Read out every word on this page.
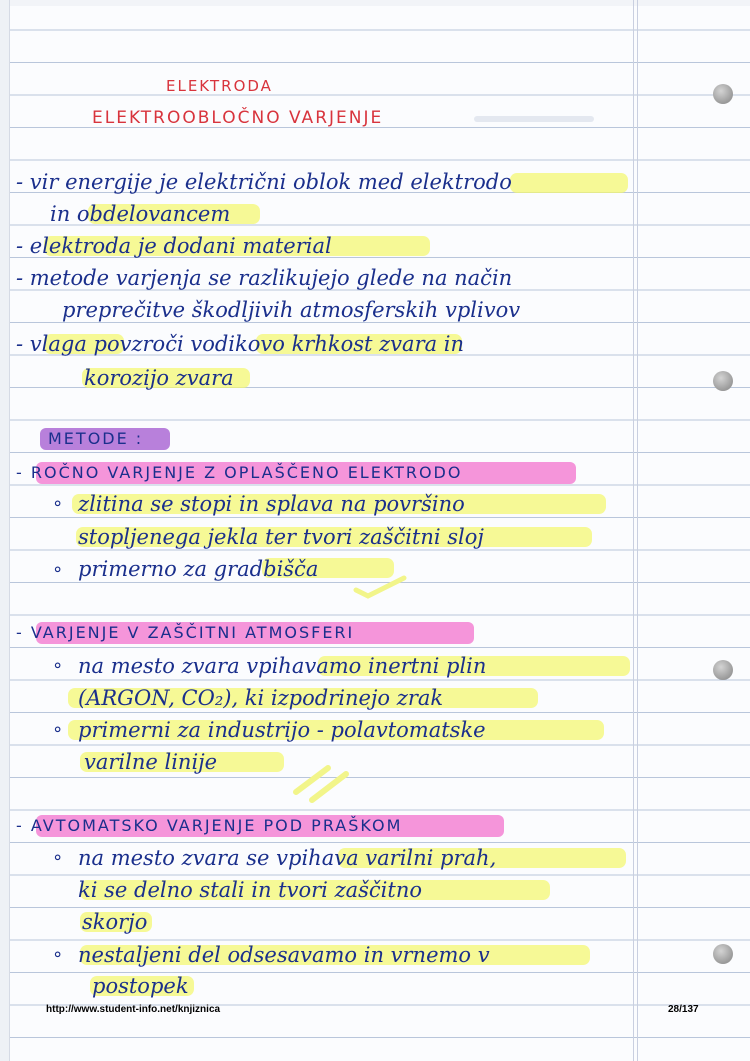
ELEKTRODA
ELEKTROOBLOČNO VARJENJE
- vir energije je električni oblok med elektrodo
in obdelovancem
- elektroda je dodani material
- metode varjenja se razlikujejo glede na način
preprečitve škodljivih atmosferskih vplivov
- vlaga povzroči vodikovo krhkost zvara in
korozijo zvara
METODE :
- ROČNO VARJENJE Z OPLAŠČENO ELEKTRODO
∘ zlitina se stopi in splava na površino
stopljenega jekla ter tvori zaščitni sloj
∘ primerno za gradbišča
- VARJENJE V ZAŠČITNI ATMOSFERI
∘ na mesto zvara vpihavamo inertni plin
(ARGON, CO₂), ki izpodrinejo zrak
∘ primerni za industrijo - polavtomatske
varilne linije
- AVTOMATSKO VARJENJE POD PRAŠKOM
∘ na mesto zvara se vpihava varilni prah,
ki se delno stali in tvori zaščitno
skorjo
∘ nestaljeni del odsesavamo in vrnemo v
postopek
http://www.student-info.net/knjiznica	28/137
